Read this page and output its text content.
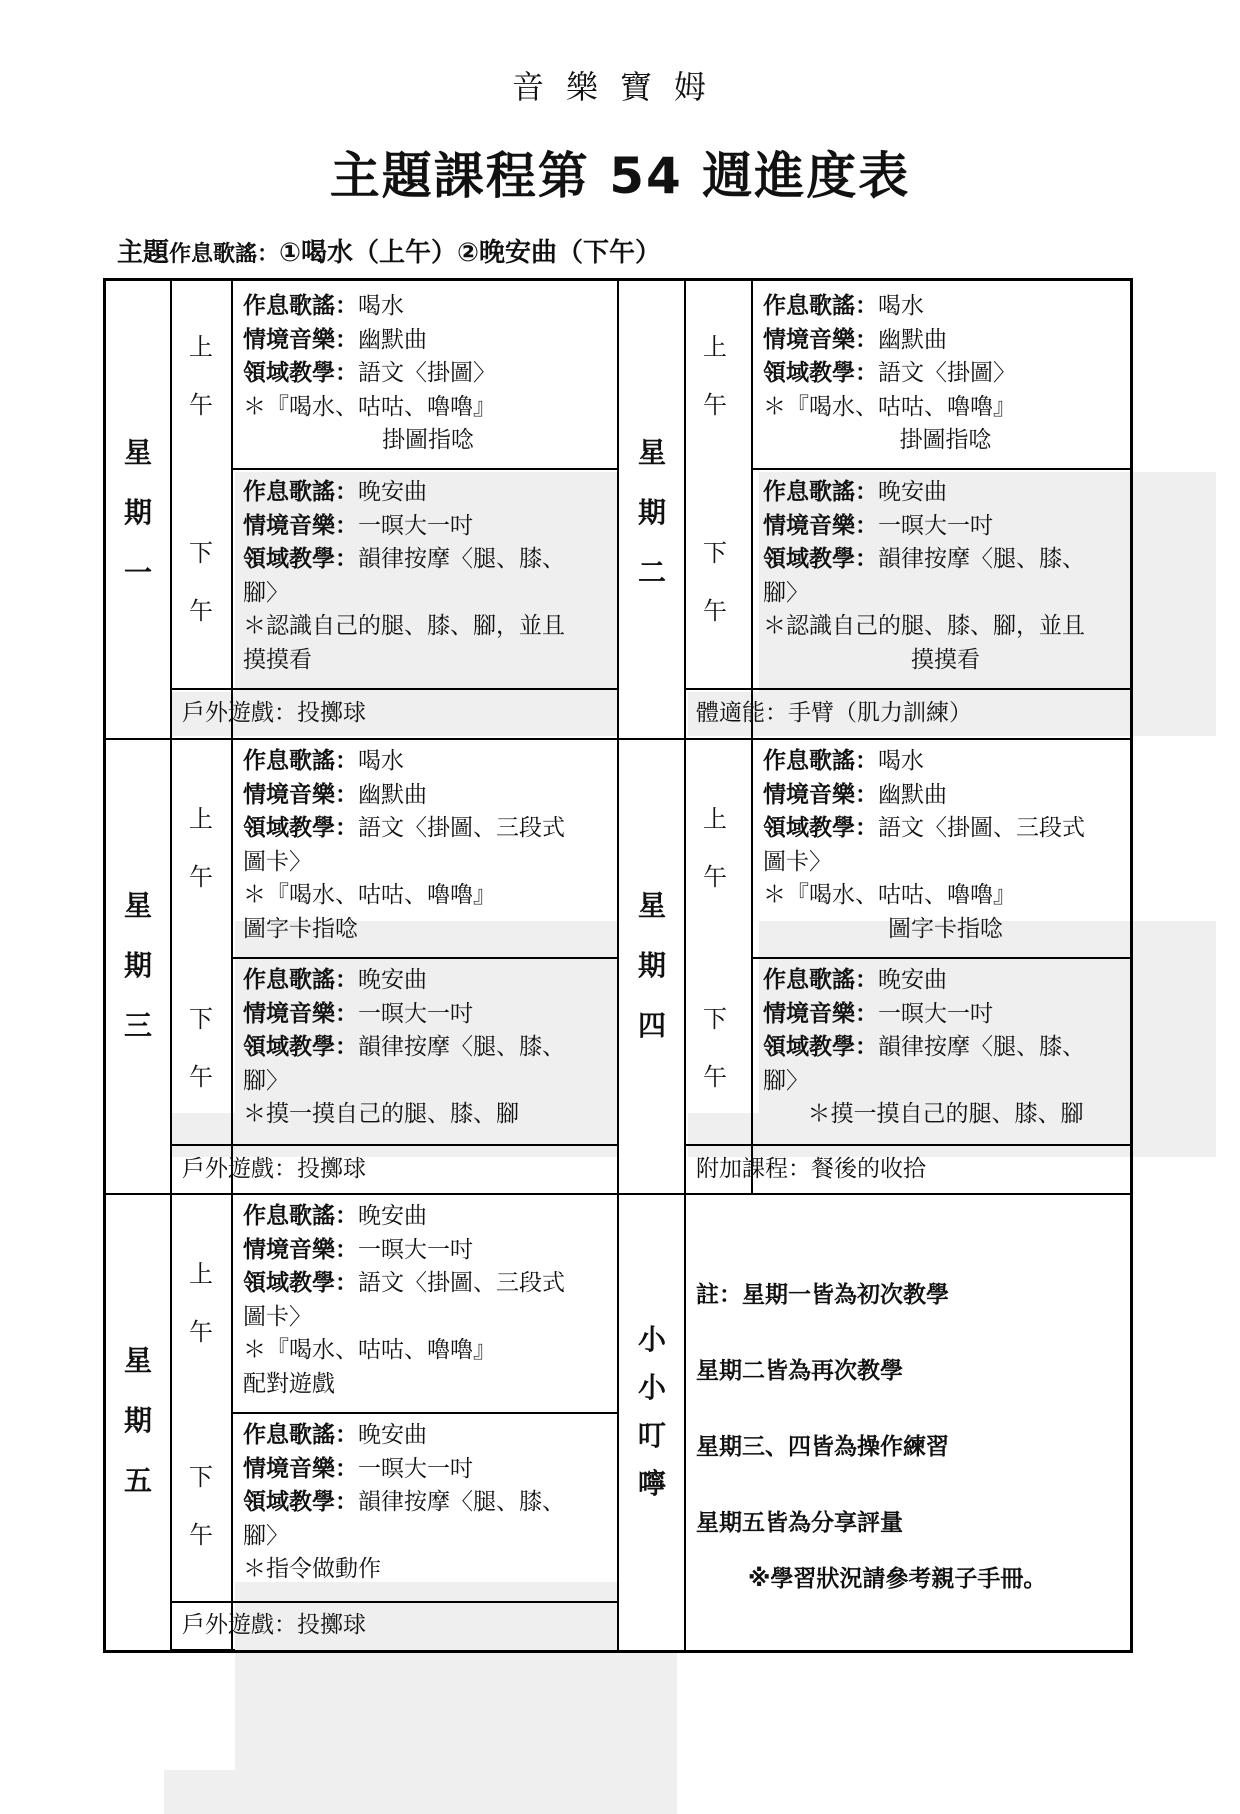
音樂寶姆
主題課程第 54 週進度表
主題作息歌謠：①喝水（上午）②晚安曲（下午）
星
期
一
星
期
二
星
期
三
星
期
四
星
期
五
小
小
叮
嚀
上
午
下
午
上
午
下
午
上
午
下
午
上
午
下
午
上
午
下
午
作息歌謠：喝水
情境音樂：幽默曲
領域教學：語文〈掛圖〉
＊『喝水、咕咕、嚕嚕』
掛圖指唸
作息歌謠：晚安曲
情境音樂：一暝大一吋
領域教學：韻律按摩〈腿、膝、
腳〉
＊認識自己的腿、膝、腳，並且
摸摸看
戶外遊戲：投擲球
作息歌謠：喝水
情境音樂：幽默曲
領域教學：語文〈掛圖〉
＊『喝水、咕咕、嚕嚕』
掛圖指唸
作息歌謠：晚安曲
情境音樂：一暝大一吋
領域教學：韻律按摩〈腿、膝、
腳〉
＊認識自己的腿、膝、腳，並且
摸摸看
體適能：手臂（肌力訓練）
作息歌謠：喝水
情境音樂：幽默曲
領域教學：語文〈掛圖、三段式
圖卡〉
＊『喝水、咕咕、嚕嚕』
圖字卡指唸
作息歌謠：晚安曲
情境音樂：一暝大一吋
領域教學：韻律按摩〈腿、膝、
腳〉
＊摸一摸自己的腿、膝、腳
戶外遊戲：投擲球
作息歌謠：喝水
情境音樂：幽默曲
領域教學：語文〈掛圖、三段式
圖卡〉
＊『喝水、咕咕、嚕嚕』
圖字卡指唸
作息歌謠：晚安曲
情境音樂：一暝大一吋
領域教學：韻律按摩〈腿、膝、
腳〉
＊摸一摸自己的腿、膝、腳
附加課程：餐後的收拾
作息歌謠：晚安曲
情境音樂：一暝大一吋
領域教學：語文〈掛圖、三段式
圖卡〉
＊『喝水、咕咕、嚕嚕』
配對遊戲
作息歌謠：晚安曲
情境音樂：一暝大一吋
領域教學：韻律按摩〈腿、膝、
腳〉
＊指令做動作
戶外遊戲：投擲球
註：星期一皆為初次教學
星期二皆為再次教學
星期三、四皆為操作練習
星期五皆為分享評量
※學習狀況請參考親子手冊。
